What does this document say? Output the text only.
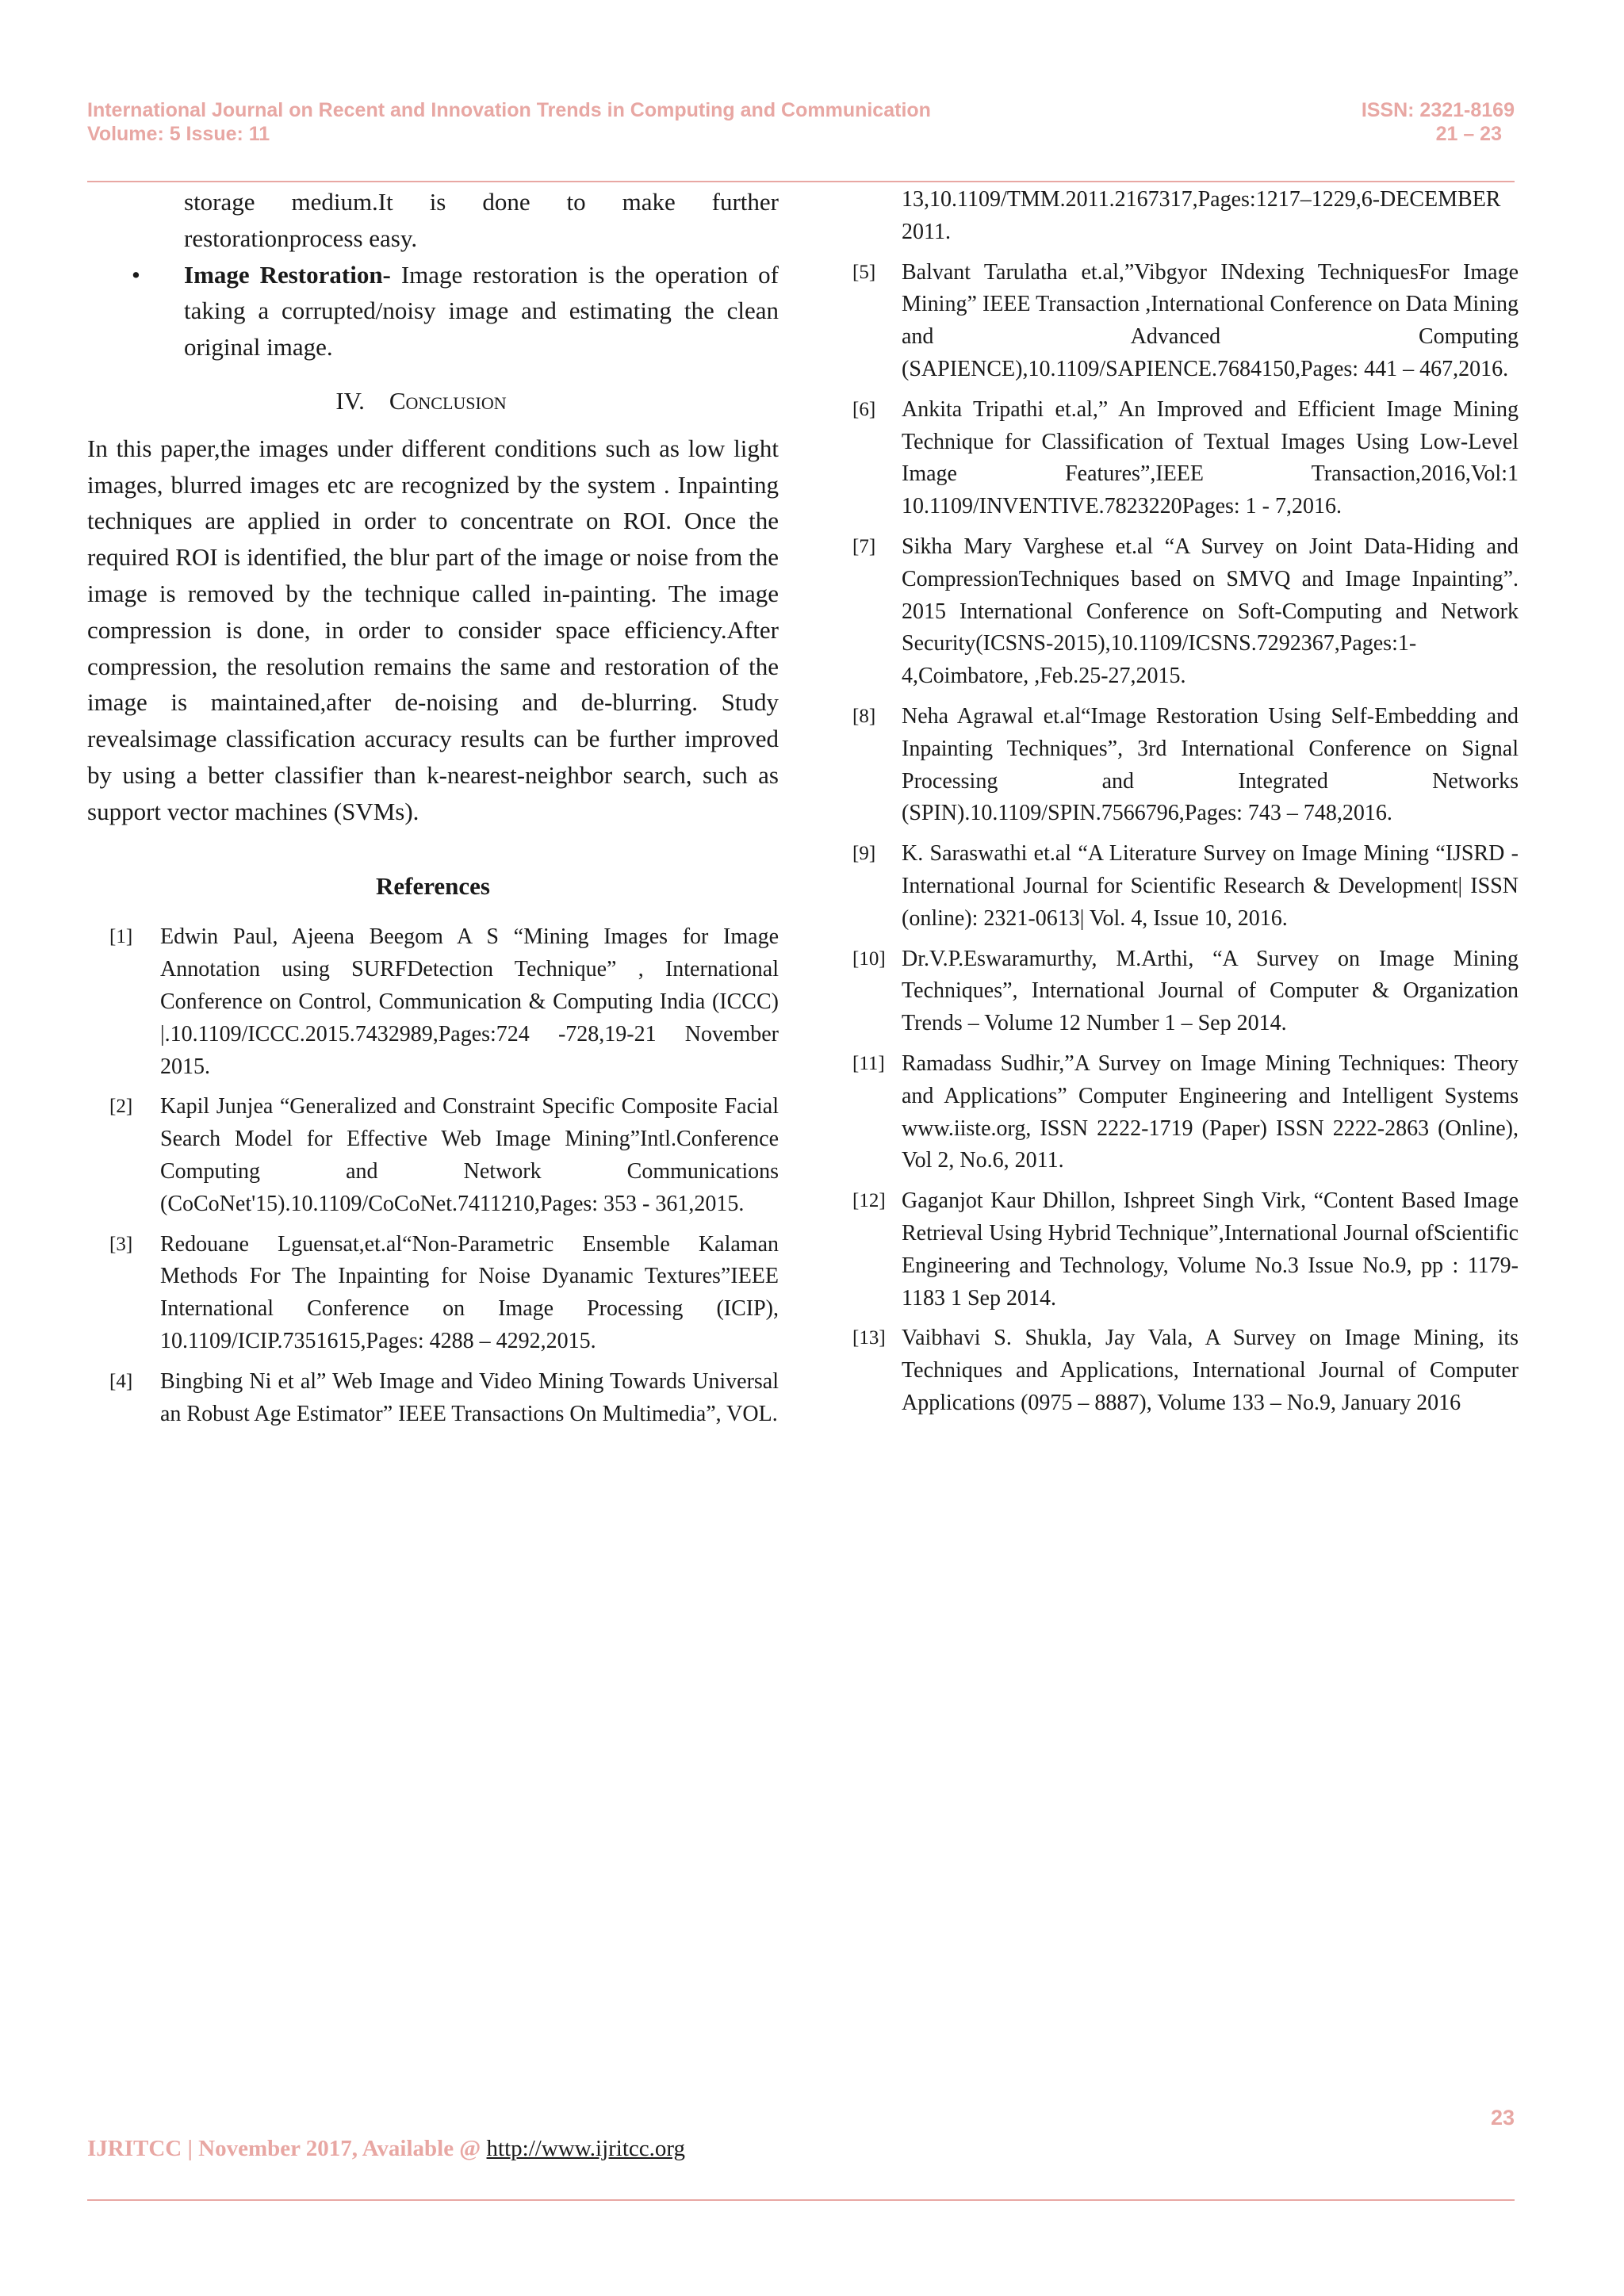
International Journal on Recent and Innovation Trends in Computing and Communication
Volume: 5 Issue: 11
ISSN: 2321-8169
21 – 23

storage medium.It is done to make further restorationprocess easy.

• Image Restoration- Image restoration is the operation of taking a corrupted/noisy image and estimating the clean original image.
IV. Conclusion

In this paper,the images under different conditions such as low light images, blurred images etc are recognized by the system . Inpainting techniques are applied in order to concentrate on ROI. Once the required ROI is identified, the blur part of the image or noise from the image is removed by the technique called in-painting. The image compression is done, in order to consider space efficiency.After compression, the resolution remains the same and restoration of the image is maintained,after de-noising and de-blurring. Study revealsimage classification accuracy results can be further improved by using a better classifier than k-nearest-neighbor search, such as support vector machines (SVMs).

References
[1] Edwin Paul, Ajeena Beegom A S “Mining Images for Image Annotation using SURFDetection Technique” , International Conference on Control, Communication & Computing India (ICCC) |.10.1109/ICCC.2015.7432989,Pages:724 -728,19-21 November 2015.
[2] Kapil Junjea “Generalized and Constraint Specific Composite Facial Search Model for Effective Web Image Mining”Intl.Conference Computing and Network Communications (CoCoNet'15).10.1109/CoCoNet.7411210,Pages: 353 - 361,2015.
[3] Redouane Lguensat,et.al“Non-Parametric Ensemble Kalaman Methods For The Inpainting for Noise Dyanamic Textures”IEEE International Conference on Image Processing (ICIP), 10.1109/ICIP.7351615,Pages: 4288 – 4292,2015.
[4] Bingbing Ni et al” Web Image and Video Mining Towards Universal an Robust Age Estimator” IEEE Transactions On Multimedia”, VOL.
13,10.1109/TMM.2011.2167317,Pages:1217–1229,6-DECEMBER 2011.
[5] Balvant Tarulatha et.al,”Vibgyor INdexing TechniquesFor Image Mining” IEEE Transaction ,International Conference on Data Mining and Advanced Computing (SAPIENCE),10.1109/SAPIENCE.7684150,Pages: 441 – 467,2016.
[6] Ankita Tripathi et.al,” An Improved and Efficient Image Mining Technique for Classification of Textual Images Using Low-Level Image Features”,IEEE Transaction,2016,Vol:1 10.1109/INVENTIVE.7823220Pages: 1 - 7,2016.
[7] Sikha Mary Varghese et.al “A Survey on Joint Data-Hiding and CompressionTechniques based on SMVQ and Image Inpainting”. 2015 International Conference on Soft-Computing and Network Security(ICSNS-2015),10.1109/ICSNS.7292367,Pages:1-4,Coimbatore, ,Feb.25-27,2015.
[8] Neha Agrawal et.al“Image Restoration Using Self-Embedding and Inpainting Techniques”, 3rd International Conference on Signal Processing and Integrated Networks (SPIN).10.1109/SPIN.7566796,Pages: 743 – 748,2016.
[9] K. Saraswathi et.al “A Literature Survey on Image Mining “IJSRD - International Journal for Scientific Research & Development| ISSN (online): 2321-0613| Vol. 4, Issue 10, 2016.
[10] Dr.V.P.Eswaramurthy, M.Arthi, “A Survey on Image Mining Techniques”, International Journal of Computer & Organization Trends – Volume 12 Number 1 – Sep 2014.
[11] Ramadass Sudhir,”A Survey on Image Mining Techniques: Theory and Applications” Computer Engineering and Intelligent Systems www.iiste.org, ISSN 2222-1719 (Paper) ISSN 2222-2863 (Online), Vol 2, No.6, 2011.
[12] Gaganjot Kaur Dhillon, Ishpreet Singh Virk, “Content Based Image Retrieval Using Hybrid Technique”,International Journal ofScientific Engineering and Technology, Volume No.3 Issue No.9, pp : 1179-1183 1 Sep 2014.
[13] Vaibhavi S. Shukla, Jay Vala, A Survey on Image Mining, its Techniques and Applications, International Journal of Computer Applications (0975 – 8887), Volume 133 – No.9, January 2016
23
IJRITCC | November 2017, Available @ http://www.ijritcc.org
